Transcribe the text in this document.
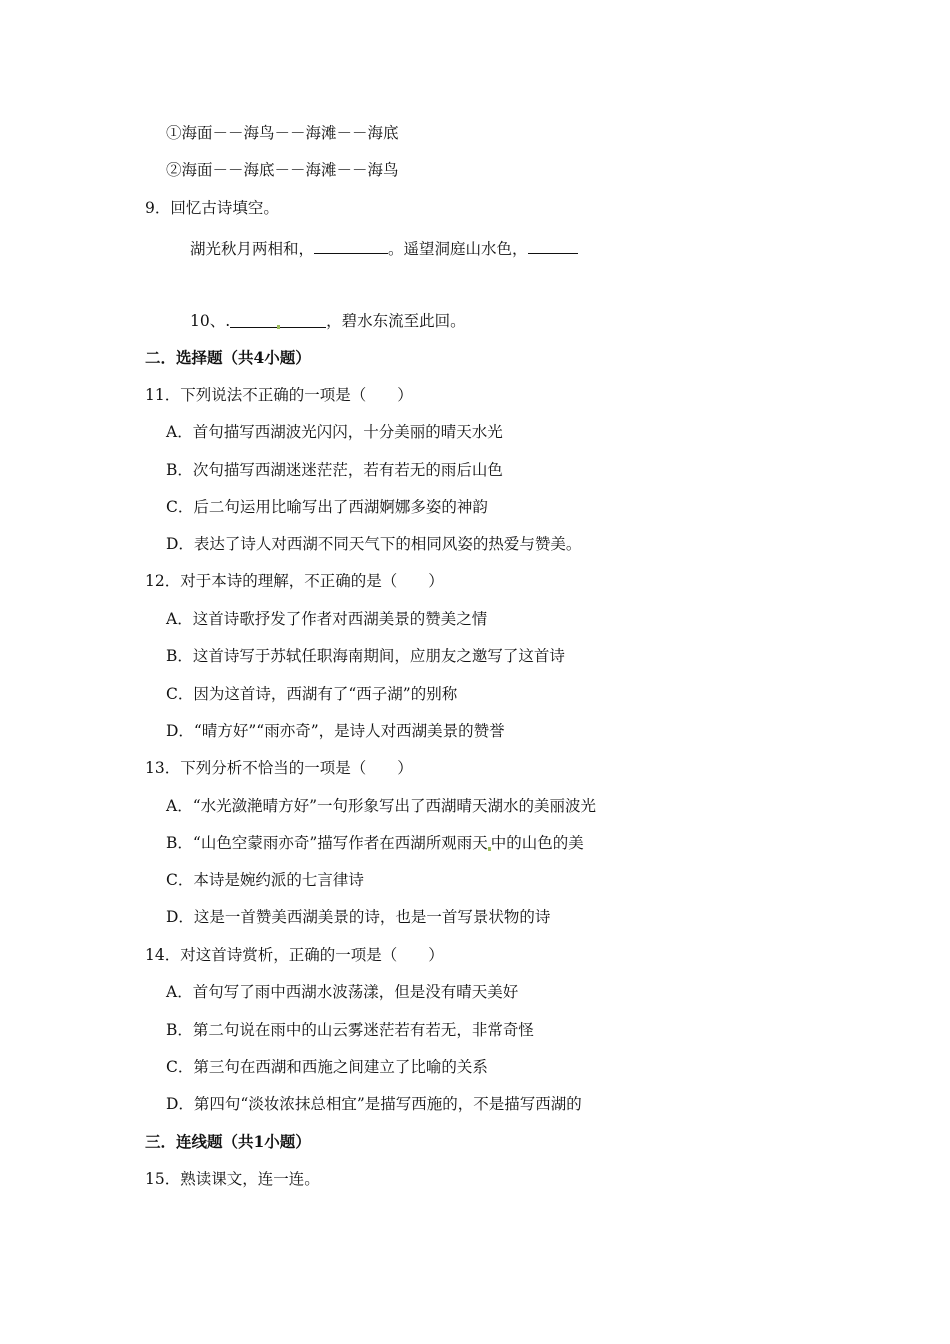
①海面－－海鸟－－海滩－－海底
②海面－－海底－－海滩－－海鸟
9．回忆古诗填空。
湖光秋月两相和，	。遥望洞庭山水色，
10、.	，碧水东流至此回。
二．选择题（共4小题）
11．下列说法不正确的一项是（　　）
A．首句描写西湖波光闪闪，十分美丽的晴天水光
B．次句描写西湖迷迷茫茫，若有若无的雨后山色
C．后二句运用比喻写出了西湖婀娜多姿的神韵
D．表达了诗人对西湖不同天气下的相同风姿的热爱与赞美。
12．对于本诗的理解，不正确的是（　　）
A．这首诗歌抒发了作者对西湖美景的赞美之情
B．这首诗写于苏轼任职海南期间，应朋友之邀写了这首诗
C．因为这首诗，西湖有了“西子湖”的别称
D．“晴方好”“雨亦奇”，是诗人对西湖美景的赞誉
13．下列分析不恰当的一项是（　　）
A．“水光潋滟晴方好”一句形象写出了西湖晴天湖水的美丽波光
B．“山色空蒙雨亦奇”描写作者在西湖所观雨天 中的山色的美
C．本诗是婉约派的七言律诗
D．这是一首赞美西湖美景的诗，也是一首写景状物的诗
14．对这首诗赏析，正确的一项是（　　）
A．首句写了雨中西湖水波荡漾，但是没有晴天美好
B．第二句说在雨中的山云雾迷茫若有若无，非常奇怪
C．第三句在西湖和西施之间建立了比喻的关系
D．第四句“淡妆浓抹总相宜”是描写西施的，不是描写西湖的
三．连线题（共1小题）
15．熟读课文，连一连。
